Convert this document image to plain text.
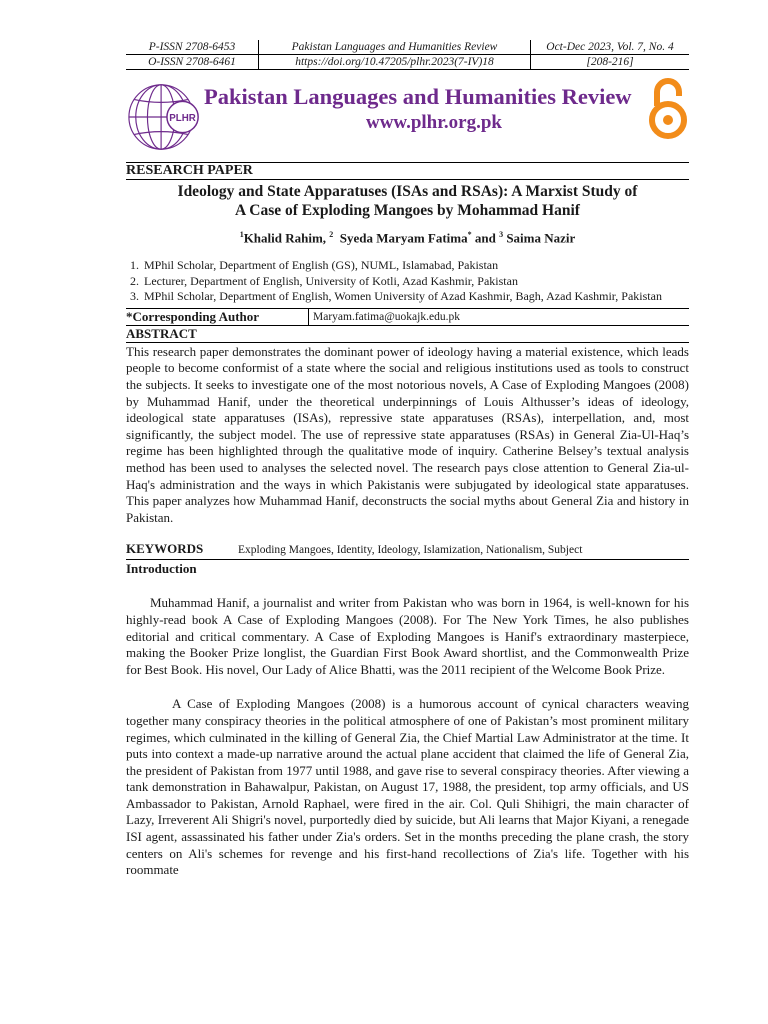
P-ISSN 2708-6453	Pakistan Languages and Humanities Review	Oct-Dec 2023, Vol. 7, No. 4
O-ISSN 2708-6461	https://doi.org/10.47205/plhr.2023(7-IV)18	[208-216]
PLHR
Pakistan Languages and Humanities Review
www.plhr.org.pk
RESEARCH PAPER
Ideology and State Apparatuses (ISAs and RSAs): A Marxist Study of
A Case of Exploding Mangoes by Mohammad Hanif
$^1$Khalid Rahim, $^2$ Syeda Maryam Fatima* and $^3$ Saima Nazir
1. MPhil Scholar, Department of English (GS), NUML, Islamabad, Pakistan
2. Lecturer, Department of English, University of Kotli, Azad Kashmir, Pakistan
3. MPhil Scholar, Department of English, Women University of Azad Kashmir, Bagh, Azad Kashmir, Pakistan
*Corresponding Author	Maryam.fatima@uokajk.edu.pk
ABSTRACT

This research paper demonstrates the dominant power of ideology having a material existence, which leads people to become conformist of a state where the social and religious institutions used as tools to construct the subjects. It seeks to investigate one of the most notorious novels, A Case of Exploding Mangoes (2008) by Muhammad Hanif, under the theoretical underpinnings of Louis Althusser’s ideas of ideology, ideological state apparatuses (ISAs), repressive state apparatuses (RSAs), interpellation, and, most significantly, the subject model. The use of repressive state apparatuses (RSAs) in General Zia-Ul-Haq’s regime has been highlighted through the qualitative mode of inquiry. Catherine Belsey’s textual analysis method has been used to analyses the selected novel. The research pays close attention to General Zia-ul-Haq's administration and the ways in which Pakistanis were subjugated by ideological state apparatuses. This paper analyzes how Muhammad Hanif, deconstructs the social myths about General Zia and history in Pakistan.

KEYWORDS	Exploding Mangoes, Identity, Ideology, Islamization, Nationalism, Subject
Introduction

Muhammad Hanif, a journalist and writer from Pakistan who was born in 1964, is well-known for his highly-read book A Case of Exploding Mangoes (2008). For The New York Times, he also publishes editorial and critical commentary. A Case of Exploding Mangoes is Hanif's extraordinary masterpiece, making the Booker Prize longlist, the Guardian First Book Award shortlist, and the Commonwealth Prize for Best Book. His novel, Our Lady of Alice Bhatti, was the 2011 recipient of the Welcome Book Prize.

A Case of Exploding Mangoes (2008) is a humorous account of cynical characters weaving together many conspiracy theories in the political atmosphere of one of Pakistan’s most prominent military regimes, which culminated in the killing of General Zia, the Chief Martial Law Administrator at the time. It puts into context a made-up narrative around the actual plane accident that claimed the life of General Zia, the president of Pakistan from 1977 until 1988, and gave rise to several conspiracy theories. After viewing a tank demonstration in Bahawalpur, Pakistan, on August 17, 1988, the president, top army officials, and US Ambassador to Pakistan, Arnold Raphael, were fired in the air. Col. Quli Shihigri, the main character of Lazy, Irreverent Ali Shigri's novel, purportedly died by suicide, but Ali learns that Major Kiyani, a renegade ISI agent, assassinated his father under Zia's orders. Set in the months preceding the plane crash, the story centers on Ali's schemes for revenge and his first-hand recollections of Zia's life. Together with his roommate
